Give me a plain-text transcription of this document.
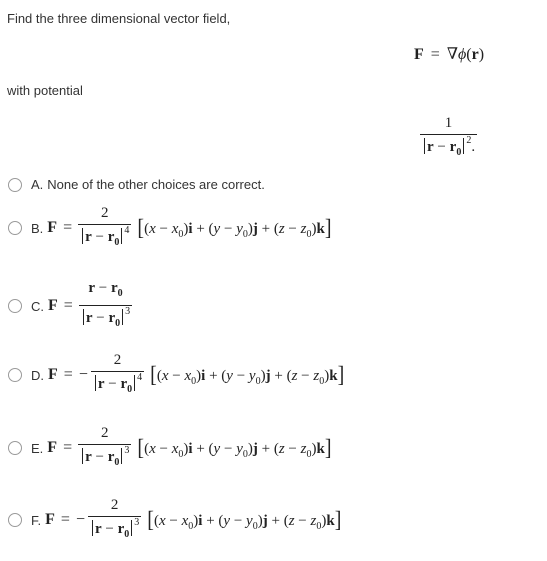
Find the three dimensional vector field,
F = ∇ϕ(r)
with potential
$\frac{1}{r - r_0^2.}$
A. None of the other choices are correct.
B. $F = \frac{2}{r - r_0^4} [(x - x_0)i + (y - y_0)j + (z - z_0)k]$
C. $F = \frac{r - r_0}{r - r_0^3}$
D. F = − $\frac{2}{r - r_0^4} [(x - x_0)i + (y - y_0)j + (z - z_0)k]$
E. $F = \frac{2}{r - r_0^3} [(x - x_0)i + (y - y_0)j + (z - z_0)k]$
F. F = − $\frac{2}{r - r_0^3} [(x - x_0)i + (y - y_0)j + (z - z_0)k]$
